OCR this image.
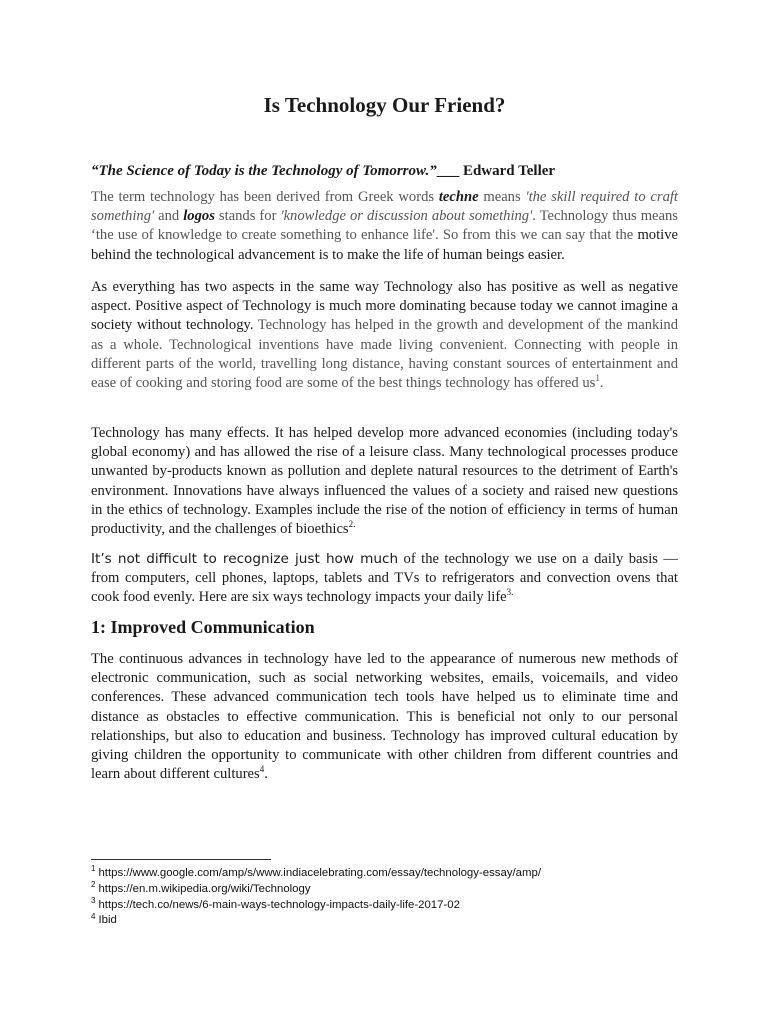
Is Technology Our Friend?

“The Science of Today is the Technology of Tomorrow.”___ Edward Teller

The term technology has been derived from Greek words techne means 'the skill required to craft something' and logos stands for 'knowledge or discussion about something'. Technology thus means ‘the use of knowledge to create something to enhance life'. So from this we can say that the motive behind the technological advancement is to make the life of human beings easier.

As everything has two aspects in the same way Technology also has positive as well as negative aspect. Positive aspect of Technology is much more dominating because today we cannot imagine a society without technology. Technology has helped in the growth and development of the mankind as a whole. Technological inventions have made living convenient. Connecting with people in different parts of the world, travelling long distance, having constant sources of entertainment and ease of cooking and storing food are some of the best things technology has offered $us^1$.

Technology has many effects. It has helped develop more advanced economies (including today's global economy) and has allowed the rise of a leisure class. Many technological processes produce unwanted by-products known as pollution and deplete natural resources to the detriment of Earth's environment. Innovations have always influenced the values of a society and raised new questions in the ethics of technology. Examples include the rise of the notion of efficiency in terms of human productivity, and the challenges of bioethics$^{2.}$

It’s not difficult to recognize just how much of the technology we use on a daily basis — from computers, cell phones, laptops, tablets and TVs to refrigerators and convection ovens that cook food evenly. Here are six ways technology impacts your daily life$^{3.}$

1: Improved Communication

The continuous advances in technology have led to the appearance of numerous new methods of electronic communication, such as social networking websites, emails, voicemails, and video conferences. These advanced communication tech tools have helped us to eliminate time and distance as obstacles to effective communication. This is beneficial not only to our personal relationships, but also to education and business. Technology has improved cultural education by giving children the opportunity to communicate with other children from different countries and learn about different cultures$^4$.

$^1$ https://www.google.com/amp/s/www.indiacelebrating.com/essay/technology-essay/amp/
$^2$ https://en.m.wikipedia.org/wiki/Technology
$^3$ https://tech.co/news/6-main-ways-technology-impacts-daily-life-2017-02
$^4$ Ibid
